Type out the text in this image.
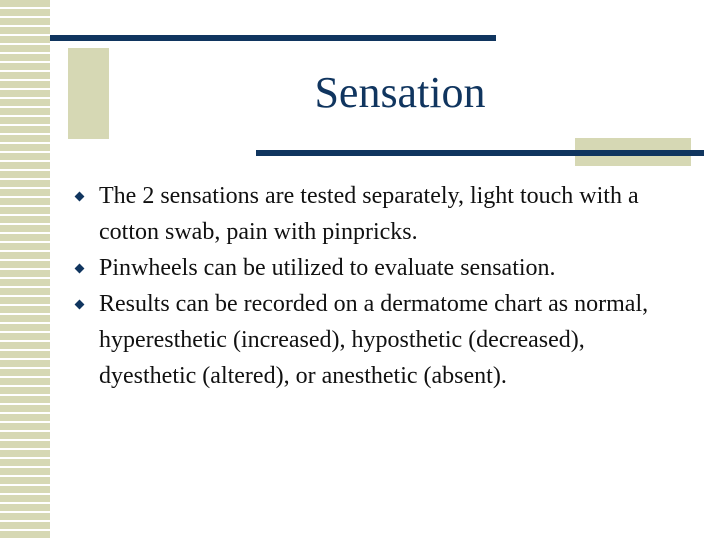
Sensation
The 2 sensations are tested separately, light touch with a cotton swab, pain with pinpricks.
Pinwheels can be utilized to evaluate sensation.
Results can be recorded on a dermatome chart as normal, hyperesthetic (increased), hyposthetic (decreased), dyesthetic (altered), or anesthetic (absent).
